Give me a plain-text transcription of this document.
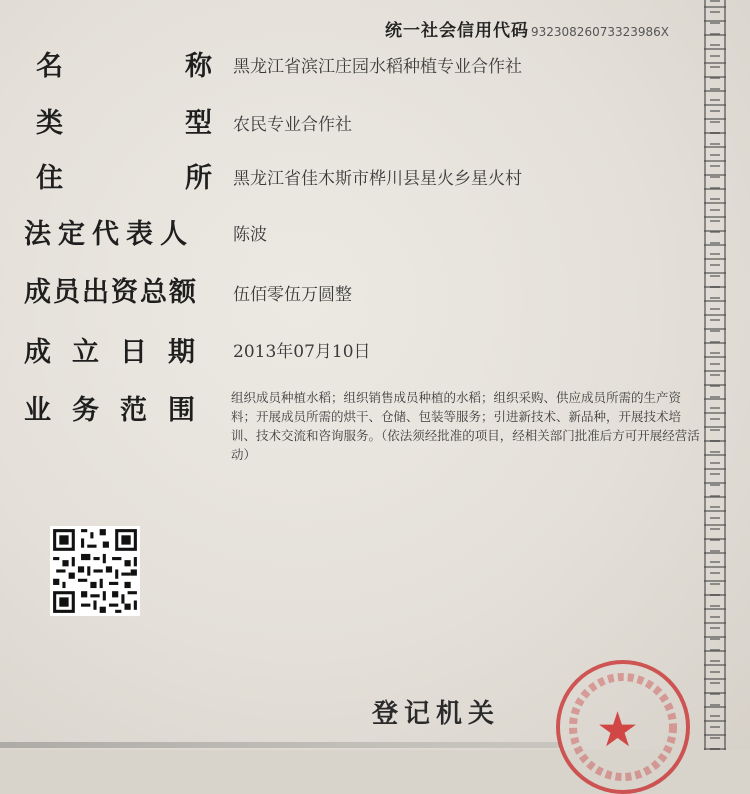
统一社会信用代码 93230826073323986X
名	称 黑龙江省滨江庄园水稻种植专业合作社
类	型 农民专业合作社
住	所 黑龙江省佳木斯市桦川县星火乡星火村
法定代表人 陈波
成员出资总额 伍佰零伍万圆整
成立日期 2013年07月10日
业务范围 组织成员种植水稻；组织销售成员种植的水稻；组织采购、供应成员所需的生产资料；开展成员所需的烘干、仓储、包装等服务；引进新技术、新品种，开展技术培训、技术交流和咨询服务。（依法须经批准的项目，经相关部门批准后方可开展经营活动）
登记机关 ★
